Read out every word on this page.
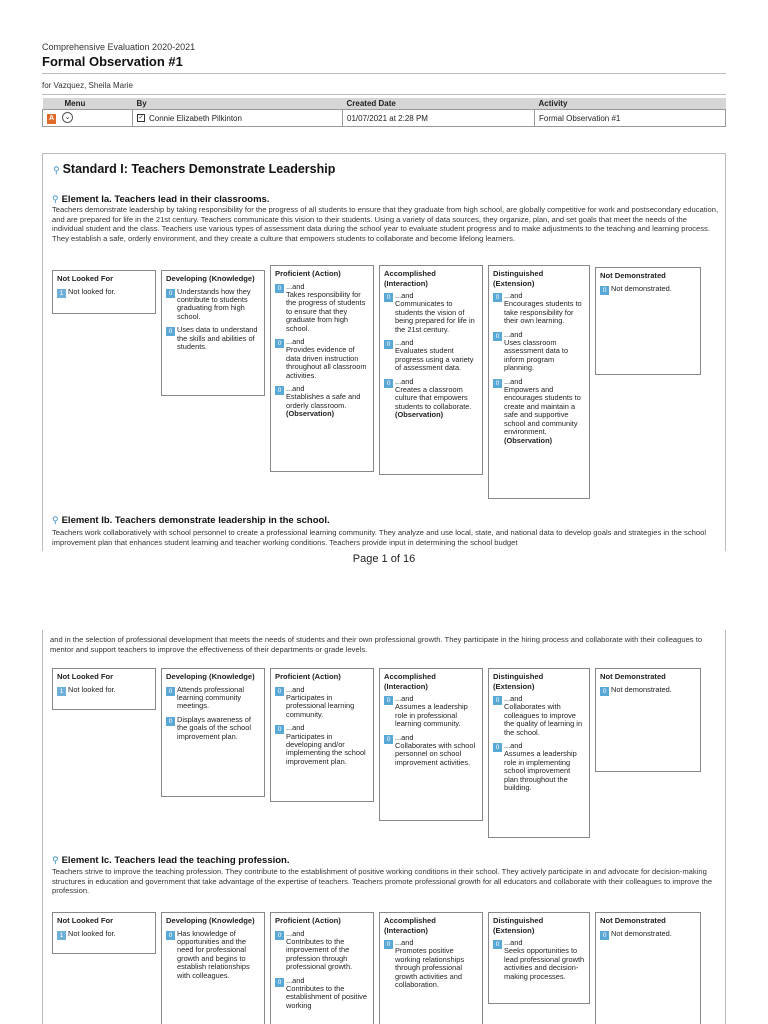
Comprehensive Evaluation 2020-2021
Formal Observation #1
for Vazquez, Sheila Marie
Menu	By	Created Date	Activity
A ⌄	✓ Connie Elizabeth Pilkinton	01/07/2021 at 2:28 PM	Formal Observation #1
⚲ Standard I: Teachers Demonstrate Leadership
⚲ Element Ia. Teachers lead in their classrooms.
Teachers demonstrate leadership by taking responsibility for the progress of all students to ensure that they graduate from high school, are globally competitive for work and postsecondary education, and are prepared for life in the 21st century. Teachers communicate this vision to their students. Using a variety of data sources, they organize, plan, and set goals that meet the needs of the individual student and the class. Teachers use various types of assessment data during the school year to evaluate student progress and to make adjustments to the teaching and learning process. They establish a safe, orderly environment, and they create a culture that empowers students to collaborate and become lifelong learners.
Not Looked For
1 Not looked for.
Developing (Knowledge)
0 Understands how they contribute to students graduating from high school.
0 Uses data to understand the skills and abilities of students.
Proficient (Action)
0 ...and
Takes responsibility for the progress of students to ensure that they graduate from high school.
0 ...and
Provides evidence of data driven instruction throughout all classroom activities.
0 ...and
Establishes a safe and orderly classroom.
(Observation)
Accomplished (Interaction)
0 ...and
Communicates to students the vision of being prepared for life in the 21st century.
0 ...and
Evaluates student progress using a variety of assessment data.
0 ...and
Creates a classroom culture that empowers students to collaborate.
(Observation)
Distinguished (Extension)
0 ...and
Encourages students to take responsibility for their own learning.
0 ...and
Uses classroom assessment data to inform program planning.
0 ...and
Empowers and encourages students to create and maintain a safe and supportive school and community environment.
(Observation)
Not Demonstrated
0 Not demonstrated.
⚲ Element Ib. Teachers demonstrate leadership in the school.
Teachers work collaboratively with school personnel to create a professional learning community. They analyze and use local, state, and national data to develop goals and strategies in the school improvement plan that enhances student learning and teacher working conditions. Teachers provide input in determining the school budget
Page 1 of 16
and in the selection of professional development that meets the needs of students and their own professional growth. They participate in the hiring process and collaborate with their colleagues to mentor and support teachers to improve the effectiveness of their departments or grade levels.
Not Looked For
1 Not looked for.
Developing (Knowledge)
0 Attends professional learning community meetings.
0 Displays awareness of the goals of the school improvement plan.
Proficient (Action)
0 ...and
Participates in professional learning community.
0 ...and
Participates in developing and/or implementing the school improvement plan.
Accomplished (Interaction)
0 ...and
Assumes a leadership role in professional learning community.
0 ...and
Collaborates with school personnel on school improvement activities.
Distinguished (Extension)
0 ...and
Collaborates with colleagues to improve the quality of learning in the school.
0 ...and
Assumes a leadership role in implementing school improvement plan throughout the building.
Not Demonstrated
0 Not demonstrated.
⚲ Element Ic. Teachers lead the teaching profession.
Teachers strive to improve the teaching profession. They contribute to the establishment of positive working conditions in their school. They actively participate in and advocate for decision-making structures in education and government that take advantage of the expertise of teachers. Teachers promote professional growth for all educators and collaborate with their colleagues to improve the profession.
Not Looked For
1 Not looked for.
Developing (Knowledge)
0 Has knowledge of opportunities and the need for professional growth and begins to establish relationships with colleagues.
Proficient (Action)
0 ...and
Contributes to the improvement of the profession through professional growth.
0 ...and
Contributes to the establishment of positive working
Accomplished (Interaction)
0 ...and
Promotes positive working relationships through professional growth activities and collaboration.
Distinguished (Extension)
0 ...and
Seeks opportunities to lead professional growth activities and decision-making processes.
Not Demonstrated
0 Not demonstrated.
